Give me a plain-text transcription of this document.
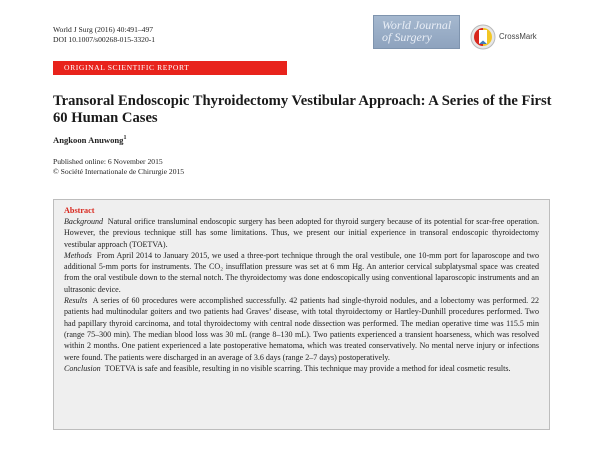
World J Surg (2016) 40:491–497
DOI 10.1007/s00268-015-3320-1
World Journal of Surgery	CrossMark
ORIGINAL SCIENTIFIC REPORT
Transoral Endoscopic Thyroidectomy Vestibular Approach: A Series of the First 60 Human Cases
Angkoon Anuwong$^1$
Published online: 6 November 2015
© Société Internationale de Chirurgie 2015
Abstract

Background Natural orifice transluminal endoscopic surgery has been adopted for thyroid surgery because of its potential for scar-free operation. However, the previous technique still has some limitations. Thus, we present our initial experience in transoral endoscopic thyroidectomy vestibular approach (TOETVA).

Methods From April 2014 to January 2015, we used a three-port technique through the oral vestibule, one 10-mm port for laparoscope and two additional 5-mm ports for instruments. The CO₂ insufflation pressure was set at 6 mm Hg. An anterior cervical subplatysmal space was created from the oral vestibule down to the sternal notch. The thyroidectomy was done endoscopically using conventional laparoscopic instruments and an ultrasonic device.

Results A series of 60 procedures were accomplished successfully. 42 patients had single-thyroid nodules, and a lobectomy was performed. 22 patients had multinodular goiters and two patients had Graves’ disease, with total thyroidectomy or Hartley-Dunhill procedures performed. Two had papillary thyroid carcinoma, and total thyroidectomy with central node dissection was performed. The median operative time was 115.5 min (range 75–300 min). The median blood loss was 30 mL (range 8–130 mL). Two patients experienced a transient hoarseness, which was resolved within 2 months. One patient experienced a late postoperative hematoma, which was treated conservatively. No mental nerve injury or infections were found. The patients were discharged in an average of 3.6 days (range 2–7 days) postoperatively.

Conclusion TOETVA is safe and feasible, resulting in no visible scarring. This technique may provide a method for ideal cosmetic results.
